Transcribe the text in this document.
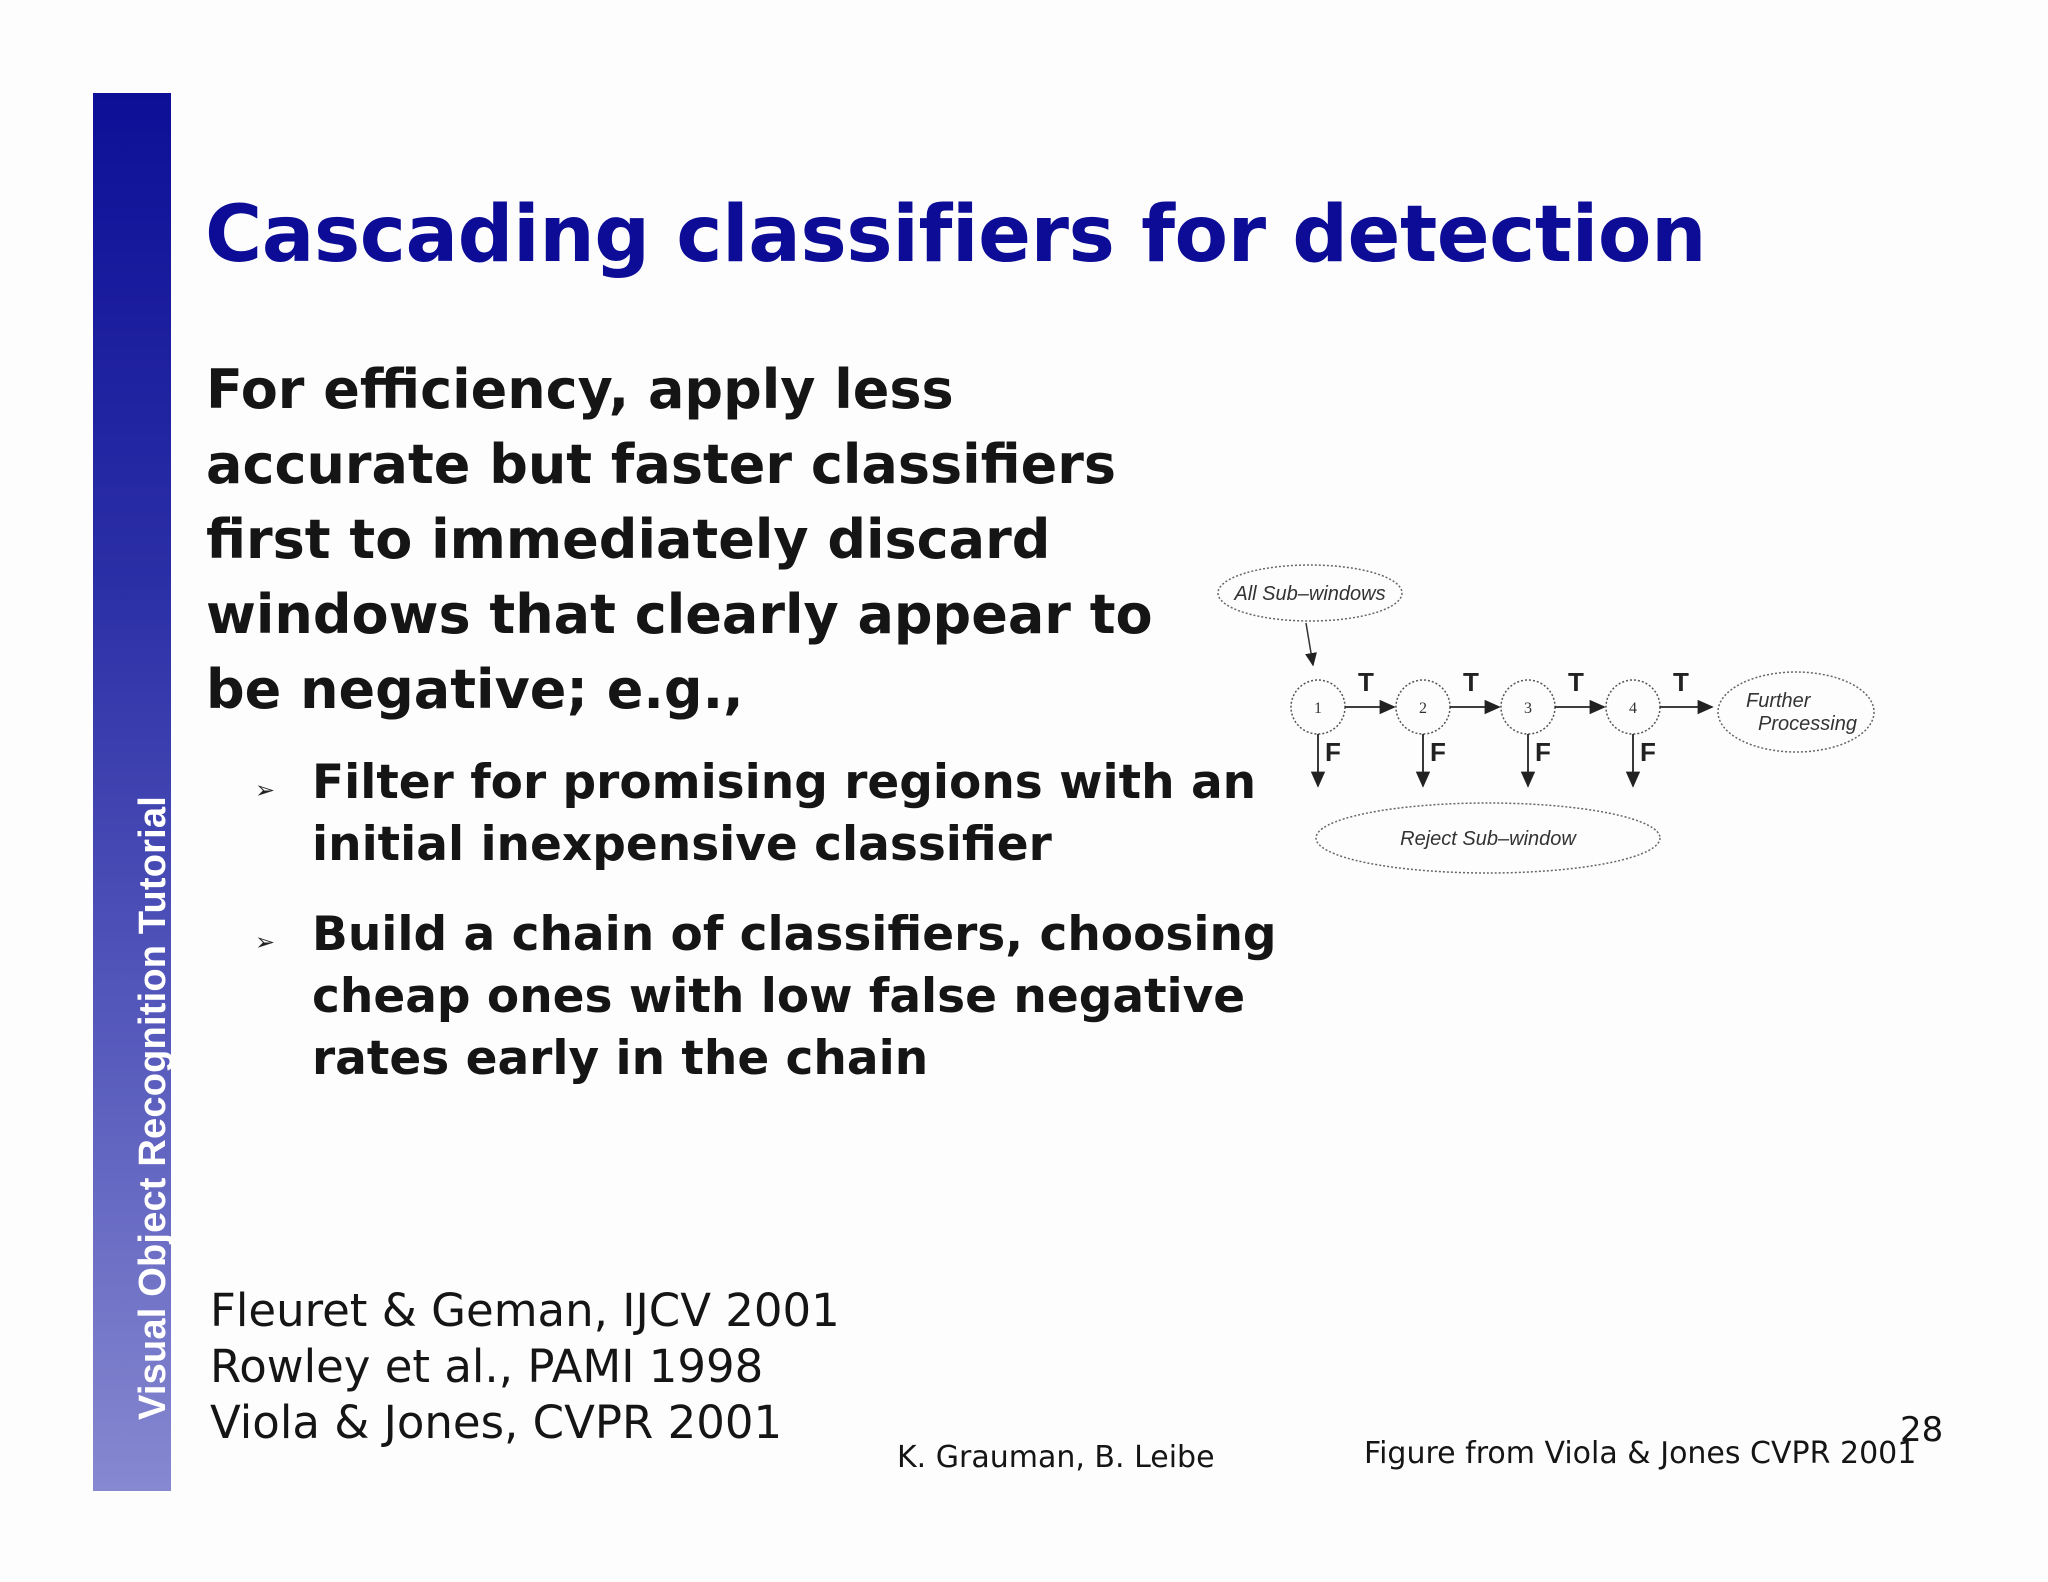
Visual Object Recognition Tutorial
Cascading classifiers for detection
For efficiency, apply less
accurate but faster classifiers
first to immediately discard
windows that clearly appear to
be negative; e.g.,
➢ Filter for promising regions with an
initial inexpensive classifier
➢ Build a chain of classifiers, choosing
cheap ones with low false negative
rates early in the chain
All Sub–windows
1	2	3	4
T	T	T	T
F	F	F	F
Further
Processing
Reject Sub–window
Fleuret & Geman, IJCV 2001
Rowley et al., PAMI 1998
Viola & Jones, CVPR 2001
K. Grauman, B. Leibe	Figure from Viola & Jones CVPR 2001
28
